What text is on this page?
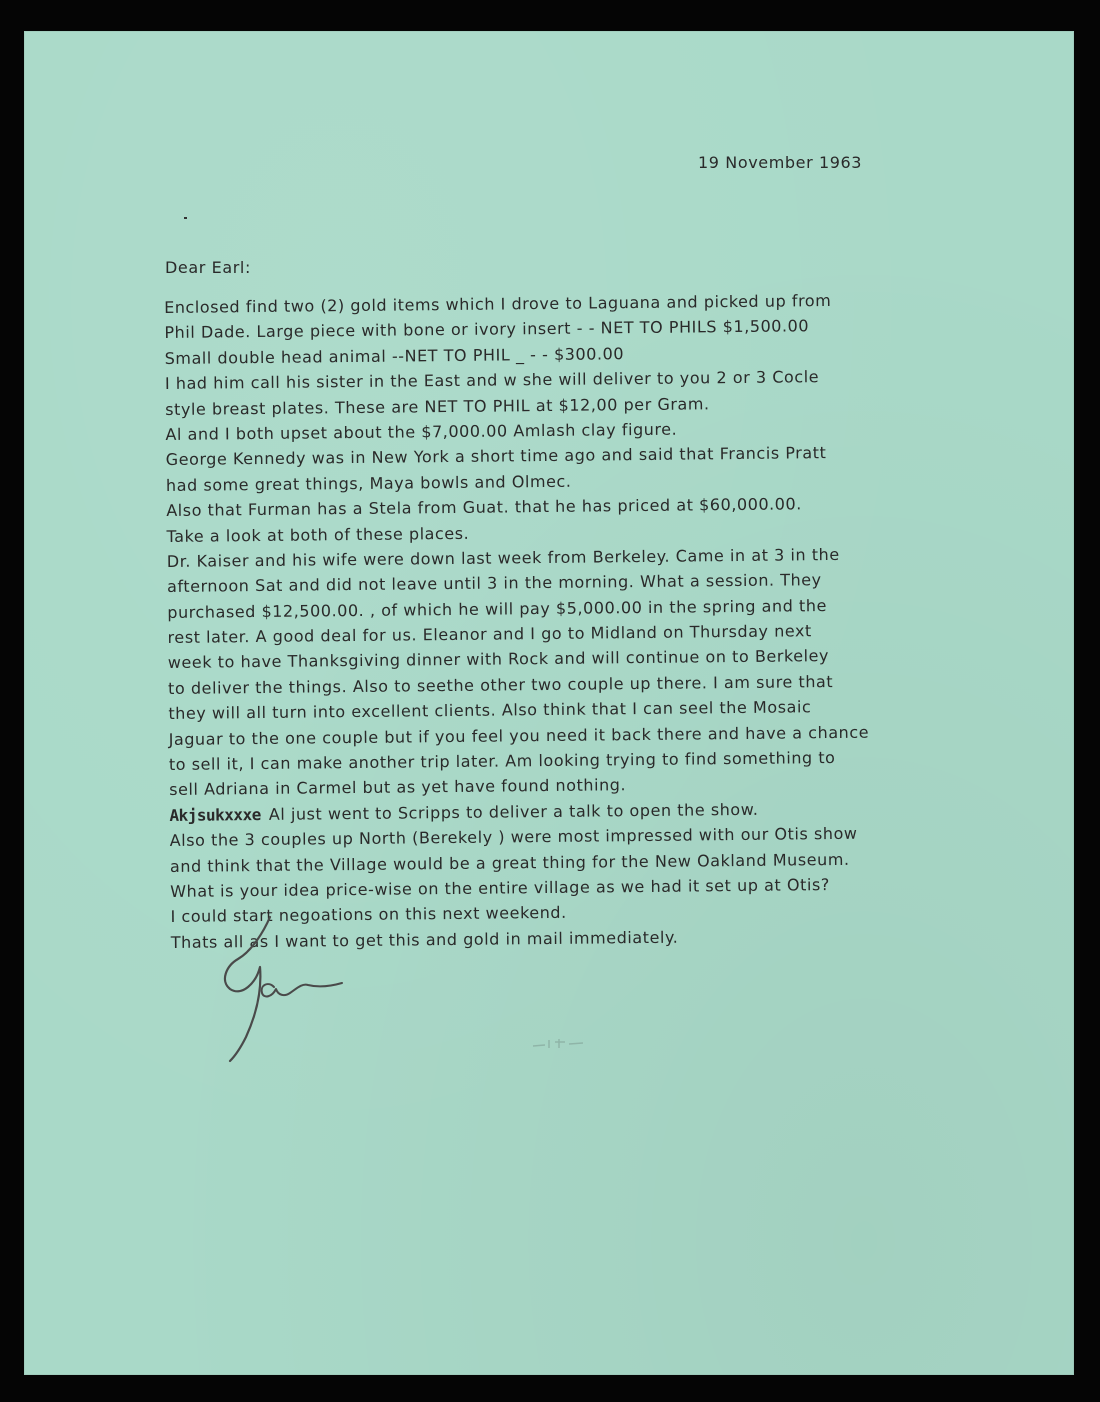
19 November 1963
Dear Earl:
Enclosed find two (2) gold items which I drove to Laguana and picked up from
Phil Dade. Large piece with bone or ivory insert - - NET TO PHILS $1,500.00
Small double head animal --NET TO PHIL _ - - $300.00
I had him call his sister in the East and w she will deliver to you 2 or 3 Cocle
style breast plates. These are NET TO PHIL at $12,00 per Gram.
Al and I both upset about the $7,000.00 Amlash clay figure.
George Kennedy was in New York a short time ago and said that Francis Pratt
had some great things, Maya bowls and Olmec.
Also that Furman has a Stela from Guat. that he has priced at $60,000.00.
Take a look at both of these places.
Dr. Kaiser and his wife were down last week from Berkeley. Came in at 3 in the
afternoon Sat and did not leave until 3 in the morning. What a session. They
purchased $12,500.00. , of which he will pay $5,000.00 in the spring and the
rest later. A good deal for us. Eleanor and I go to Midland on Thursday next
week to have Thanksgiving dinner with Rock and will continue on to Berkeley
to deliver the things. Also to seethe other two couple up there. I am sure that
they will all turn into excellent clients. Also think that I can seel the Mosaic
Jaguar to the one couple but if you feel you need it back there and have a chance
to sell it, I can make another trip later. Am looking trying to find something to
sell Adriana in Carmel but as yet have found nothing.
Akjsukxxxe Al just went to Scripps to deliver a talk to open the show.
Also the 3 couples up North (Berekely ) were most impressed with our Otis show
and think that the Village would be a great thing for the New Oakland Museum.
What is your idea price-wise on the entire village as we had it set up at Otis?
I could start negoations on this next weekend.
Thats all as I want to get this and gold in mail immediately.
